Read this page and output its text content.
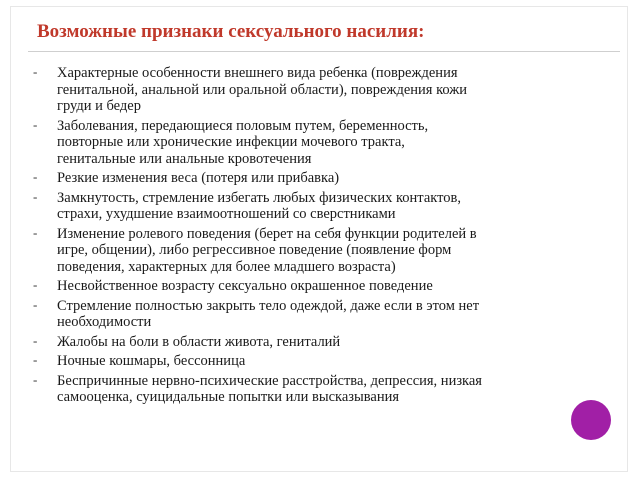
Возможные признаки сексуального насилия:
-	Характерные особенности внешнего вида ребенка (повреждения
генитальной, анальной или оральной области), повреждения кожи
груди и бедер
-	Заболевания, передающиеся половым путем, беременность,
повторные или хронические инфекции мочевого тракта,
генитальные или анальные кровотечения
-	Резкие изменения веса (потеря или прибавка)
-	Замкнутость, стремление избегать любых физических контактов,
страхи, ухудшение взаимоотношений со сверстниками
-	Изменение ролевого поведения (берет на себя функции родителей в
игре, общении), либо регрессивное поведение (появление форм
поведения, характерных для более младшего возраста)
-	Несвойственное возрасту сексуально окрашенное поведение
-	Стремление полностью закрыть тело одеждой, даже если в этом нет
необходимости
-	Жалобы на боли в области живота, гениталий
-	Ночные кошмары, бессонница
-	Беспричинные нервно-психические расстройства, депрессия, низкая
самооценка, суицидальные попытки или высказывания
